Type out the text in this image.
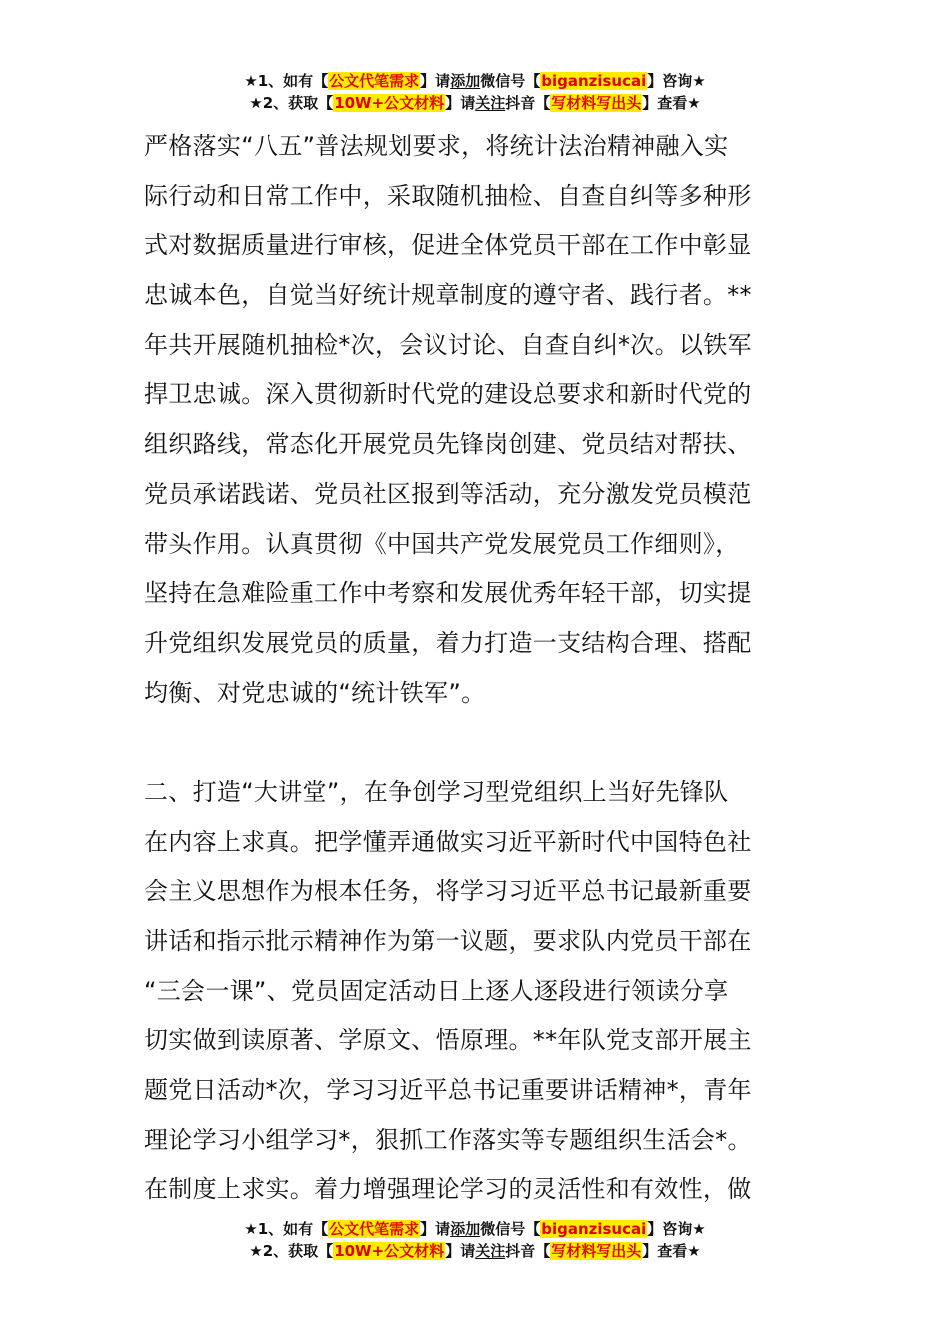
★1、如有【公文代笔需求】请添加微信号【biganzisucai】咨询★
★2、获取【10W+公文材料】请关注抖音【写材料写出头】查看★
严格落实“八五”普法规划要求，将统计法治精神融入实
际行动和日常工作中，采取随机抽检、自查自纠等多种形
式对数据质量进行审核，促进全体党员干部在工作中彰显
忠诚本色，自觉当好统计规章制度的遵守者、践行者。**
年共开展随机抽检*次，会议讨论、自查自纠*次。以铁军
捍卫忠诚。深入贯彻新时代党的建设总要求和新时代党的
组织路线，常态化开展党员先锋岗创建、党员结对帮扶、
党员承诺践诺、党员社区报到等活动，充分激发党员模范
带头作用。认真贯彻《中国共产党发展党员工作细则》，
坚持在急难险重工作中考察和发展优秀年轻干部，切实提
升党组织发展党员的质量，着力打造一支结构合理、搭配
均衡、对党忠诚的“统计铁军”。
二、打造“大讲堂”，在争创学习型党组织上当好先锋队
在内容上求真。把学懂弄通做实习近平新时代中国特色社
会主义思想作为根本任务，将学习习近平总书记最新重要
讲话和指示批示精神作为第一议题，要求队内党员干部在
“三会一课”、党员固定活动日上逐人逐段进行领读分享
切实做到读原著、学原文、悟原理。**年队党支部开展主
题党日活动*次，学习习近平总书记重要讲话精神*，青年
理论学习小组学习*，狠抓工作落实等专题组织生活会*。
在制度上求实。着力增强理论学习的灵活性和有效性，做
★1、如有【公文代笔需求】请添加微信号【biganzisucai】咨询★
★2、获取【10W+公文材料】请关注抖音【写材料写出头】查看★
